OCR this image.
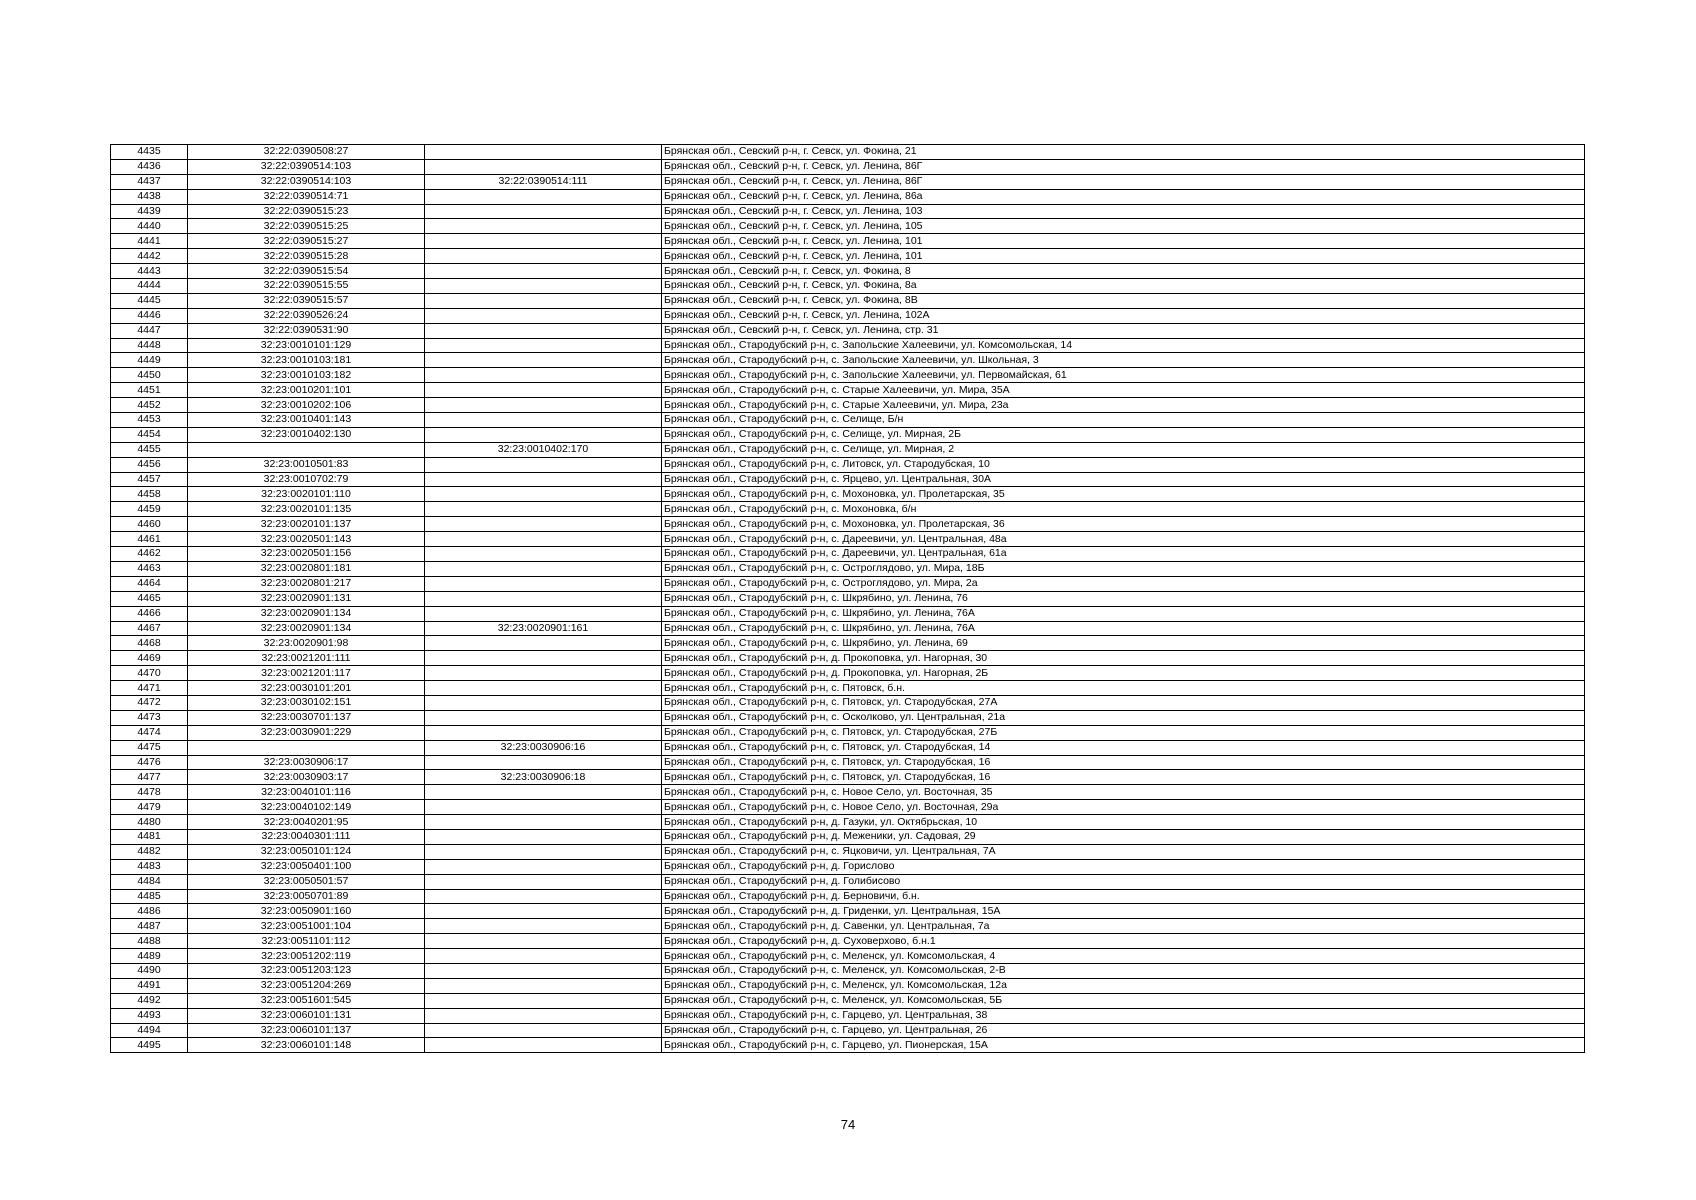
4435	32:22:0390508:27		Брянская обл., Севский р-н, г. Севск, ул. Фокина, 21
4436	32:22:0390514:103		Брянская обл., Севский р-н, г. Севск, ул. Ленина, 86Г
4437	32:22:0390514:103	32:22:0390514:111	Брянская обл., Севский р-н, г. Севск, ул. Ленина, 86Г
4438	32:22:0390514:71		Брянская обл., Севский р-н, г. Севск, ул. Ленина, 86а
4439	32:22:0390515:23		Брянская обл., Севский р-н, г. Севск, ул. Ленина, 103
4440	32:22:0390515:25		Брянская обл., Севский р-н, г. Севск, ул. Ленина, 105
4441	32:22:0390515:27		Брянская обл., Севский р-н, г. Севск, ул. Ленина, 101
4442	32:22:0390515:28		Брянская обл., Севский р-н, г. Севск, ул. Ленина, 101
4443	32:22:0390515:54		Брянская обл., Севский р-н, г. Севск, ул. Фокина, 8
4444	32:22:0390515:55		Брянская обл., Севский р-н, г. Севск, ул. Фокина, 8а
4445	32:22:0390515:57		Брянская обл., Севский р-н, г. Севск, ул. Фокина, 8В
4446	32:22:0390526:24		Брянская обл., Севский р-н, г. Севск, ул. Ленина, 102А
4447	32:22:0390531:90		Брянская обл., Севский р-н, г. Севск, ул. Ленина, стр. 31
4448	32:23:0010101:129		Брянская обл., Стародубский р-н, с. Запольские Халеевичи, ул. Комсомольская, 14
4449	32:23:0010103:181		Брянская обл., Стародубский р-н, с. Запольские Халеевичи, ул. Школьная, 3
4450	32:23:0010103:182		Брянская обл., Стародубский р-н, с. Запольские Халеевичи, ул. Первомайская, 61
4451	32:23:0010201:101		Брянская обл., Стародубский р-н, с. Старые Халеевичи, ул. Мира, 35А
4452	32:23:0010202:106		Брянская обл., Стародубский р-н, с. Старые Халеевичи, ул. Мира, 23а
4453	32:23:0010401:143		Брянская обл., Стародубский р-н, с. Селище, Б/н
4454	32:23:0010402:130		Брянская обл., Стародубский р-н, с. Селище, ул. Мирная, 2Б
4455		32:23:0010402:170	Брянская обл., Стародубский р-н, с. Селище, ул. Мирная, 2
4456	32:23:0010501:83		Брянская обл., Стародубский р-н, с. Литовск, ул. Стародубская, 10
4457	32:23:0010702:79		Брянская обл., Стародубский р-н, с. Ярцево, ул. Центральная, 30А
4458	32:23:0020101:110		Брянская обл., Стародубский р-н, с. Мохоновка, ул. Пролетарская, 35
4459	32:23:0020101:135		Брянская обл., Стародубский р-н, с. Мохоновка, б/н
4460	32:23:0020101:137		Брянская обл., Стародубский р-н, с. Мохоновка, ул. Пролетарская, 36
4461	32:23:0020501:143		Брянская обл., Стародубский р-н, с. Дареевичи, ул. Центральная, 48а
4462	32:23:0020501:156		Брянская обл., Стародубский р-н, с. Дареевичи, ул. Центральная, 61а
4463	32:23:0020801:181		Брянская обл., Стародубский р-н, с. Остроглядово, ул. Мира, 18Б
4464	32:23:0020801:217		Брянская обл., Стародубский р-н, с. Остроглядово, ул. Мира, 2а
4465	32:23:0020901:131		Брянская обл., Стародубский р-н, с. Шкрябино, ул. Ленина, 76
4466	32:23:0020901:134		Брянская обл., Стародубский р-н, с. Шкрябино, ул. Ленина, 76А
4467	32:23:0020901:134	32:23:0020901:161	Брянская обл., Стародубский р-н, с. Шкрябино, ул. Ленина, 76А
4468	32:23:0020901:98		Брянская обл., Стародубский р-н, с. Шкрябино, ул. Ленина, 69
4469	32:23:0021201:111		Брянская обл., Стародубский р-н, д. Прокоповка, ул. Нагорная, 30
4470	32:23:0021201:117		Брянская обл., Стародубский р-н, д. Прокоповка, ул. Нагорная, 2Б
4471	32:23:0030101:201		Брянская обл., Стародубский р-н, с. Пятовск, б.н.
4472	32:23:0030102:151		Брянская обл., Стародубский р-н, с. Пятовск, ул. Стародубская, 27А
4473	32:23:0030701:137		Брянская обл., Стародубский р-н, с. Осколково, ул. Центральная, 21а
4474	32:23:0030901:229		Брянская обл., Стародубский р-н, с. Пятовск, ул. Стародубская, 27Б
4475		32:23:0030906:16	Брянская обл., Стародубский р-н, с. Пятовск, ул. Стародубская, 14
4476	32:23:0030906:17		Брянская обл., Стародубский р-н, с. Пятовск, ул. Стародубская, 16
4477	32:23:0030903:17	32:23:0030906:18	Брянская обл., Стародубский р-н, с. Пятовск, ул. Стародубская, 16
4478	32:23:0040101:116		Брянская обл., Стародубский р-н, с. Новое Село, ул. Восточная, 35
4479	32:23:0040102:149		Брянская обл., Стародубский р-н, с. Новое Село, ул. Восточная, 29а
4480	32:23:0040201:95		Брянская обл., Стародубский р-н, д. Газуки, ул. Октябрьская, 10
4481	32:23:0040301:111		Брянская обл., Стародубский р-н, д. Меженики, ул. Садовая, 29
4482	32:23:0050101:124		Брянская обл., Стародубский р-н, с. Яцковичи, ул. Центральная, 7А
4483	32:23:0050401:100		Брянская обл., Стародубский р-н, д. Горислово
4484	32:23:0050501:57		Брянская обл., Стародубский р-н, д. Голибисово
4485	32:23:0050701:89		Брянская обл., Стародубский р-н, д. Берновичи, б.н.
4486	32:23:0050901:160		Брянская обл., Стародубский р-н, д. Гриденки, ул. Центральная, 15А
4487	32:23:0051001:104		Брянская обл., Стародубский р-н, д. Савенки, ул. Центральная, 7а
4488	32:23:0051101:112		Брянская обл., Стародубский р-н, д. Суховерхово, б.н.1
4489	32:23:0051202:119		Брянская обл., Стародубский р-н, с. Меленск, ул. Комсомольская, 4
4490	32:23:0051203:123		Брянская обл., Стародубский р-н, с. Меленск, ул. Комсомольская, 2-В
4491	32:23:0051204:269		Брянская обл., Стародубский р-н, с. Меленск, ул. Комсомольская, 12а
4492	32:23:0051601:545		Брянская обл., Стародубский р-н, с. Меленск, ул. Комсомольская, 5Б
4493	32:23:0060101:131		Брянская обл., Стародубский р-н, с. Гарцево, ул. Центральная, 38
4494	32:23:0060101:137		Брянская обл., Стародубский р-н, с. Гарцево, ул. Центральная, 26
4495	32:23:0060101:148		Брянская обл., Стародубский р-н, с. Гарцево, ул. Пионерская, 15А
74
